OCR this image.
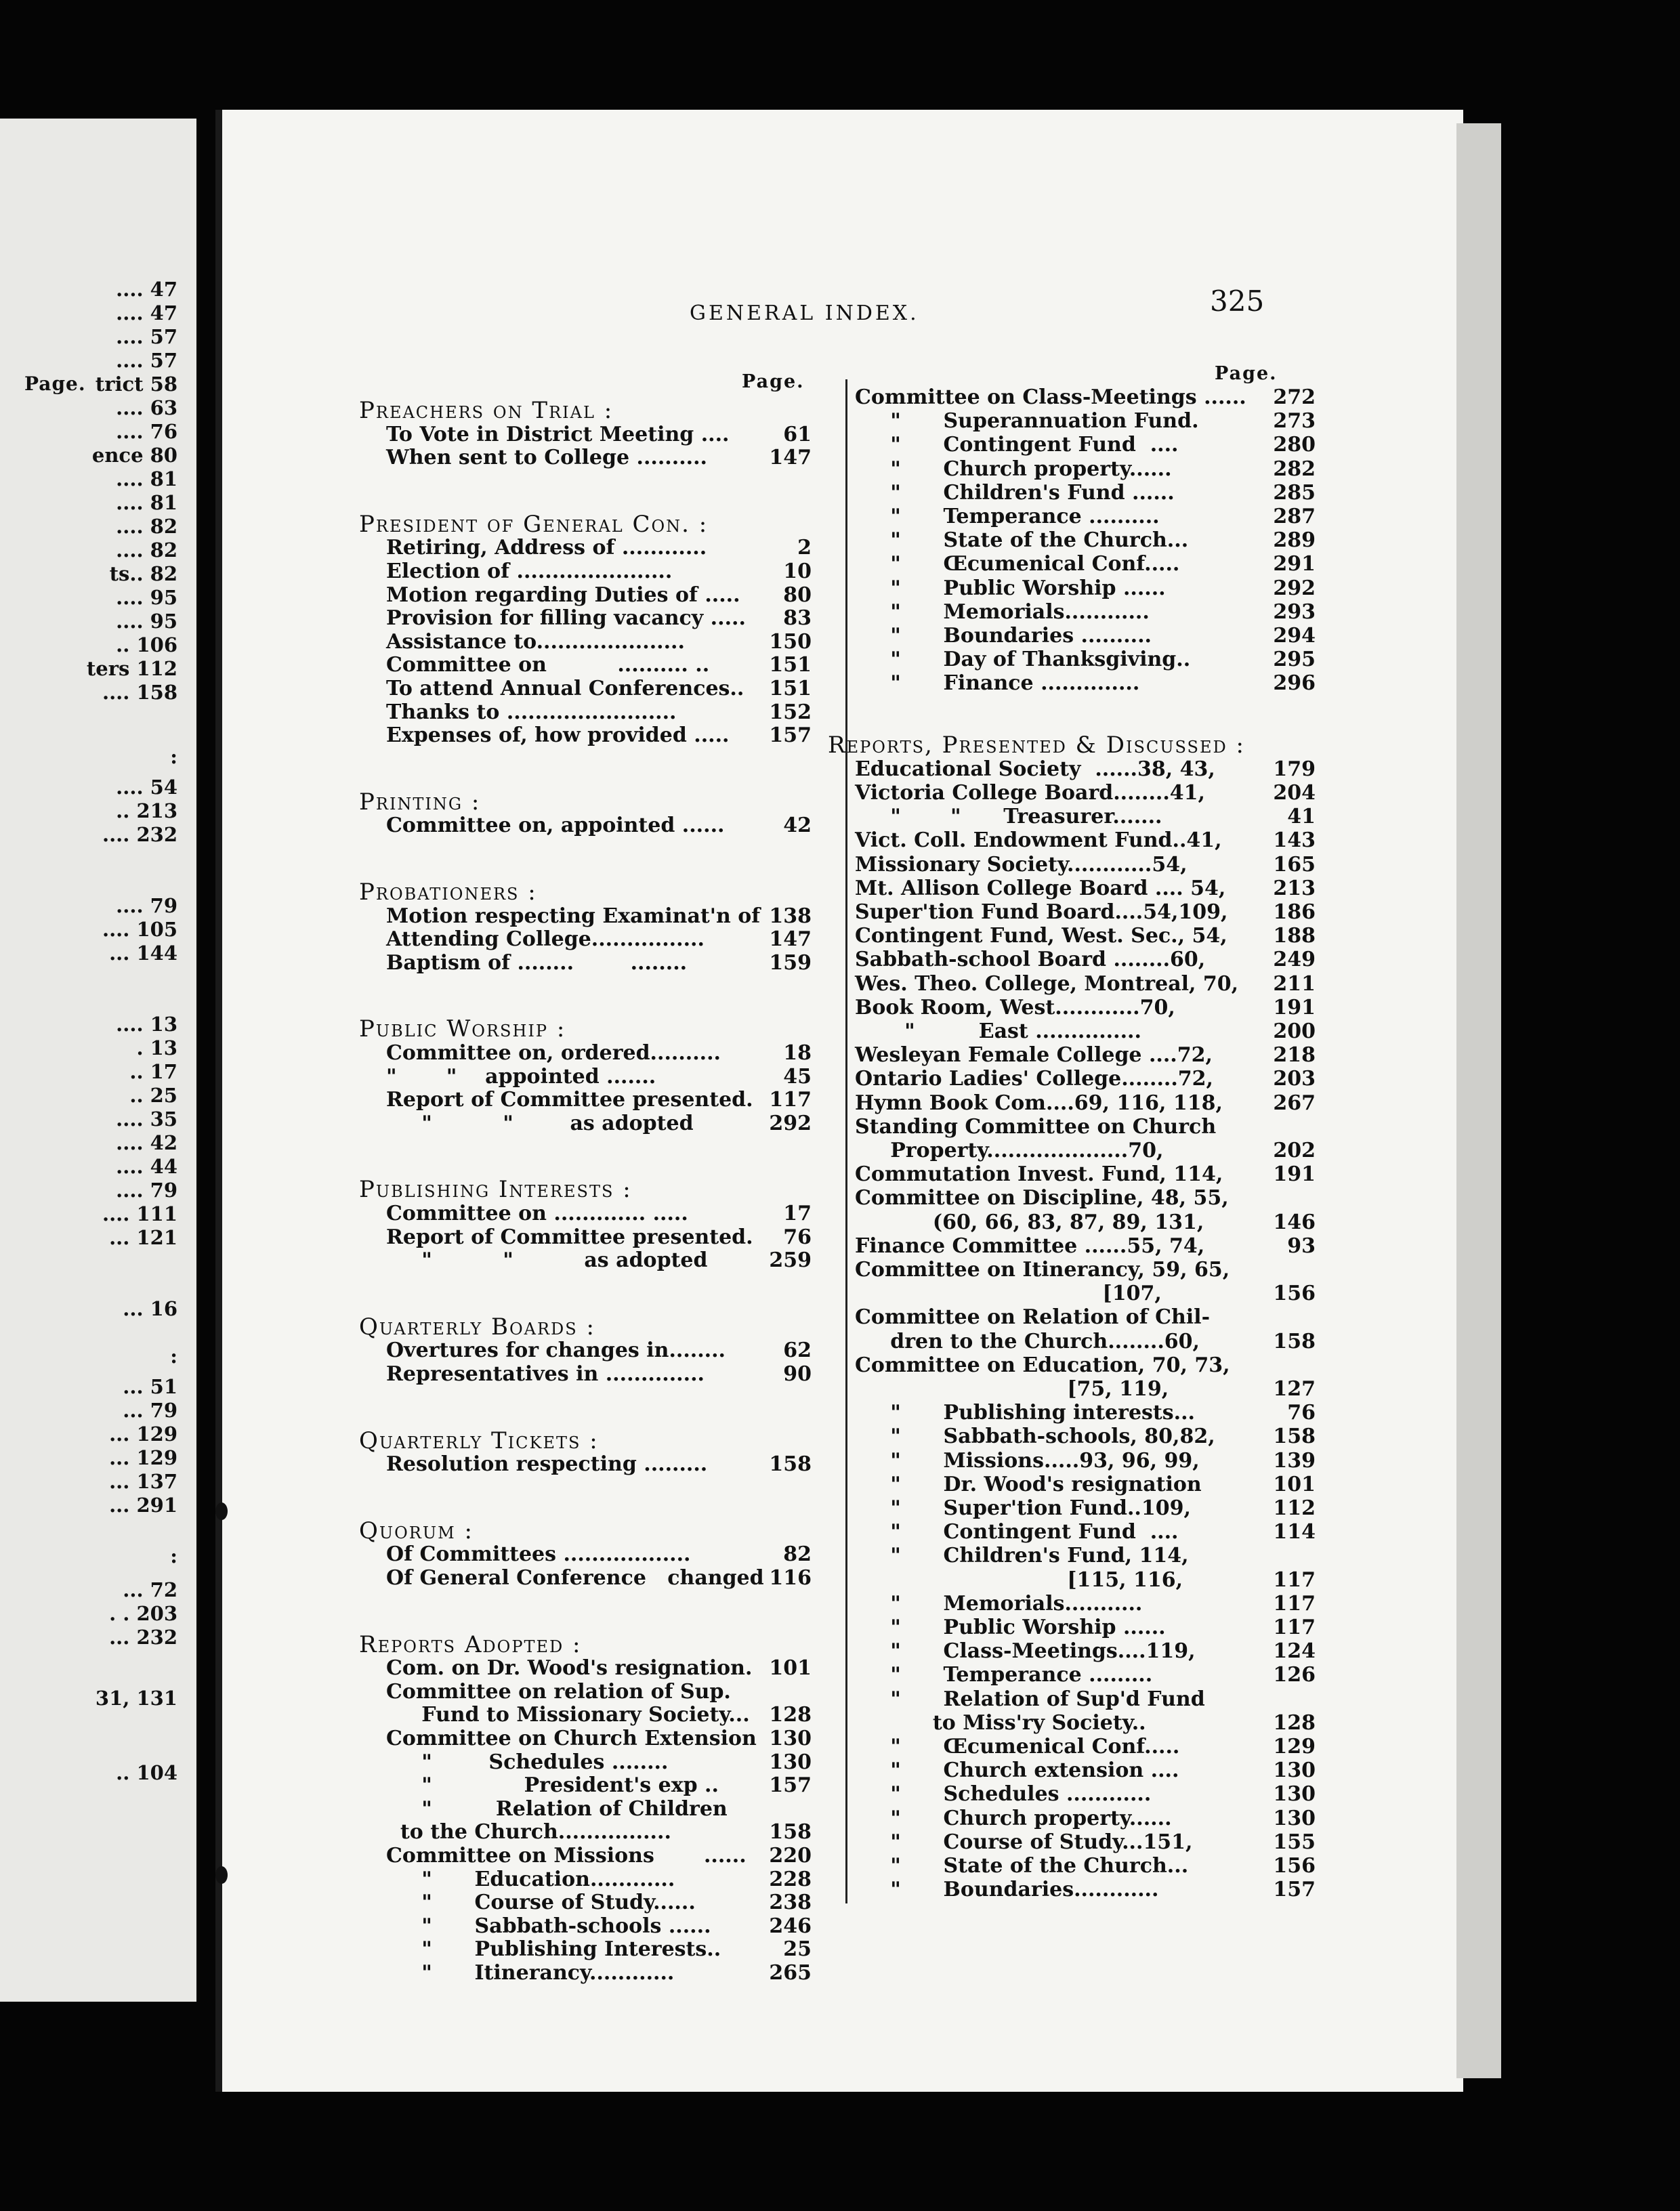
Page.
.... 47
.... 47
.... 57
.... 57
trict 58
.... 63
.... 76
ence 80
.... 81
.... 81
.... 82
.... 82
ts.. 82
.... 95
.... 95
.. 106
ters 112
.... 158
:
.... 54
.. 213
.... 232
.... 79
.... 105
... 144
.... 13
. 13
.. 17
.. 25
.... 35
.... 42
.... 44
.... 79
.... 111
... 121
... 16
:
... 51
... 79
... 129
... 129
... 137
... 291
:
... 72
. . 203
... 232
31, 131
.. 104
GENERAL INDEX.	325
Page.	Page.
Preachers on Trial :
To Vote in District Meeting ....	61
When sent to College ..........	147
President of General Con. :
Retiring, Address of ............	2
Election of ......................	10
Motion regarding Duties of ..... 80
Provision for filling vacancy ..... 83
Assistance to.....................	150
Committee on          .......... ..	151
To attend Annual Conferences.. 151
Thanks to ........................	152
Expenses of, how provided ..... 157
Printing :
Committee on, appointed ......	42
Probationers :
Motion respecting Examinat'n of 138
Attending College................	147
Baptism of ........        ........	159
Public Worship :
Committee on, ordered..........	18
"       "    appointed .......	45
Report of Committee presented. 117
"          "        as adopted	292
Publishing Interests :
Committee on ............. .....	17
Report of Committee presented. 76
"          "          as adopted	259
Quarterly Boards :
Overtures for changes in........	62
Representatives in ..............	90
Quarterly Tickets :
Resolution respecting .........	158
Quorum :
Of Committees ..................	82
Of General Conference   changed 116
Reports Adopted :
Com. on Dr. Wood's resignation. 101
Committee on relation of Sup.
Fund to Missionary Society... 128
Committee on Church Extension 130
"        Schedules ........	130
"             President's exp .. 157
"         Relation of Children
to the Church................	158
Committee on Missions       ...... 220
"      Education............	228
"      Course of Study......	238
"      Sabbath-schools ......	246
"      Publishing Interests..	25
"      Itinerancy............	265
Committee on Class-Meetings ...... 272
"      Superannuation Fund.	273
"      Contingent Fund  ....	280
"      Church property......	282
"      Children's Fund ......	285
"      Temperance ..........	287
"      State of the Church...	289
"      Œcumenical Conf.....	291
"      Public Worship ......	292
"      Memorials............	293
"      Boundaries ..........	294
"      Day of Thanksgiving..	295
"      Finance ..............	296
Reports, Presented & Discussed :
Educational Society  ......38, 43,	179
Victoria College Board........41,	204
"       "      Treasurer.......	41
Vict. Coll. Endowment Fund..41,	143
Missionary Society............54,	165
Mt. Allison College Board .... 54, 213
Super'tion Fund Board....54,109, 186
Contingent Fund, West. Sec., 54, 188
Sabbath-school Board ........60,	249
Wes. Theo. College, Montreal, 70, 211
Book Room, West............70,	191
"         East ...............	200
Wesleyan Female College ....72,	218
Ontario Ladies' College........72,	203
Hymn Book Com....69, 116, 118, 267
Standing Committee on Church
Property....................70,	202
Commutation Invest. Fund, 114, 191
Committee on Discipline, 48, 55,
(60, 66, 83, 87, 89, 131,	146
Finance Committee ......55, 74,	93
Committee on Itinerancy, 59, 65,
[107,	156
Committee on Relation of Chil-
dren to the Church........60,	158
Committee on Education, 70, 73,
[75, 119,	127
"      Publishing interests...	76
"      Sabbath-schools, 80,82,	158
"      Missions.....93, 96, 99,	139
"      Dr. Wood's resignation	101
"      Super'tion Fund..109,	112
"      Contingent Fund  ....	114
"      Children's Fund, 114,
[115, 116,	117
"      Memorials...........	117
"      Public Worship ......	117
"      Class-Meetings....119,	124
"      Temperance .........	126
"      Relation of Sup'd Fund
to Miss'ry Society..	128
"      Œcumenical Conf.....	129
"      Church extension ....	130
"      Schedules ............	130
"      Church property......	130
"      Course of Study...151,	155
"      State of the Church...	156
"      Boundaries............	157
